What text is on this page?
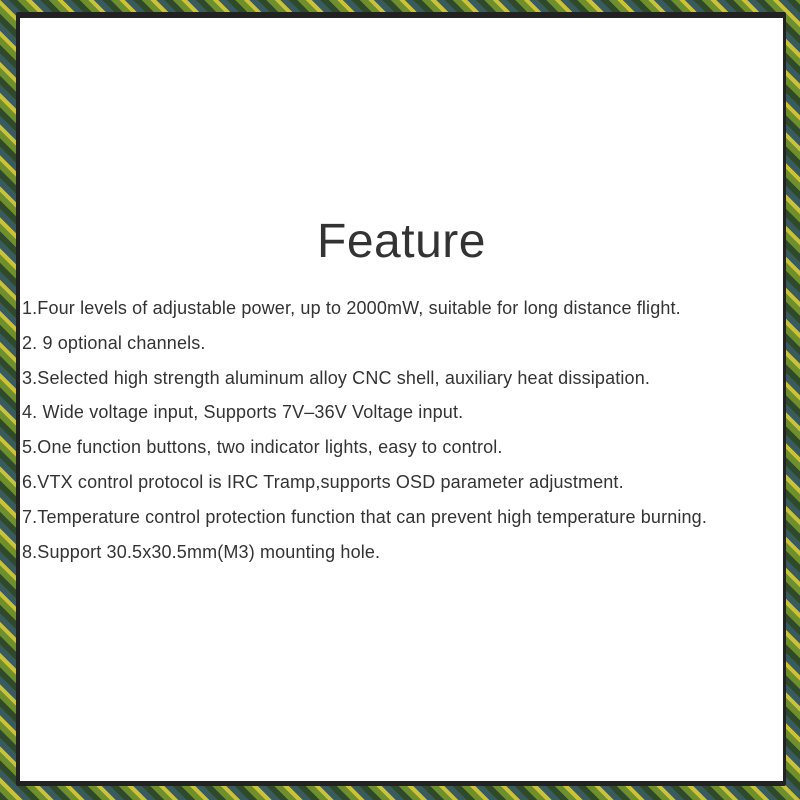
Feature
1.Four levels of adjustable power, up to 2000mW, suitable for long distance flight.
2. 9 optional channels.
3.Selected high strength aluminum alloy CNC shell, auxiliary heat dissipation.
4. Wide voltage input, Supports 7V–36V Voltage input.
5.One function buttons, two indicator lights, easy to control.
6.VTX control protocol is IRC Tramp,supports OSD parameter adjustment.
7.Temperature control protection function that can prevent high temperature burning.
8.Support 30.5x30.5mm(M3) mounting hole.
